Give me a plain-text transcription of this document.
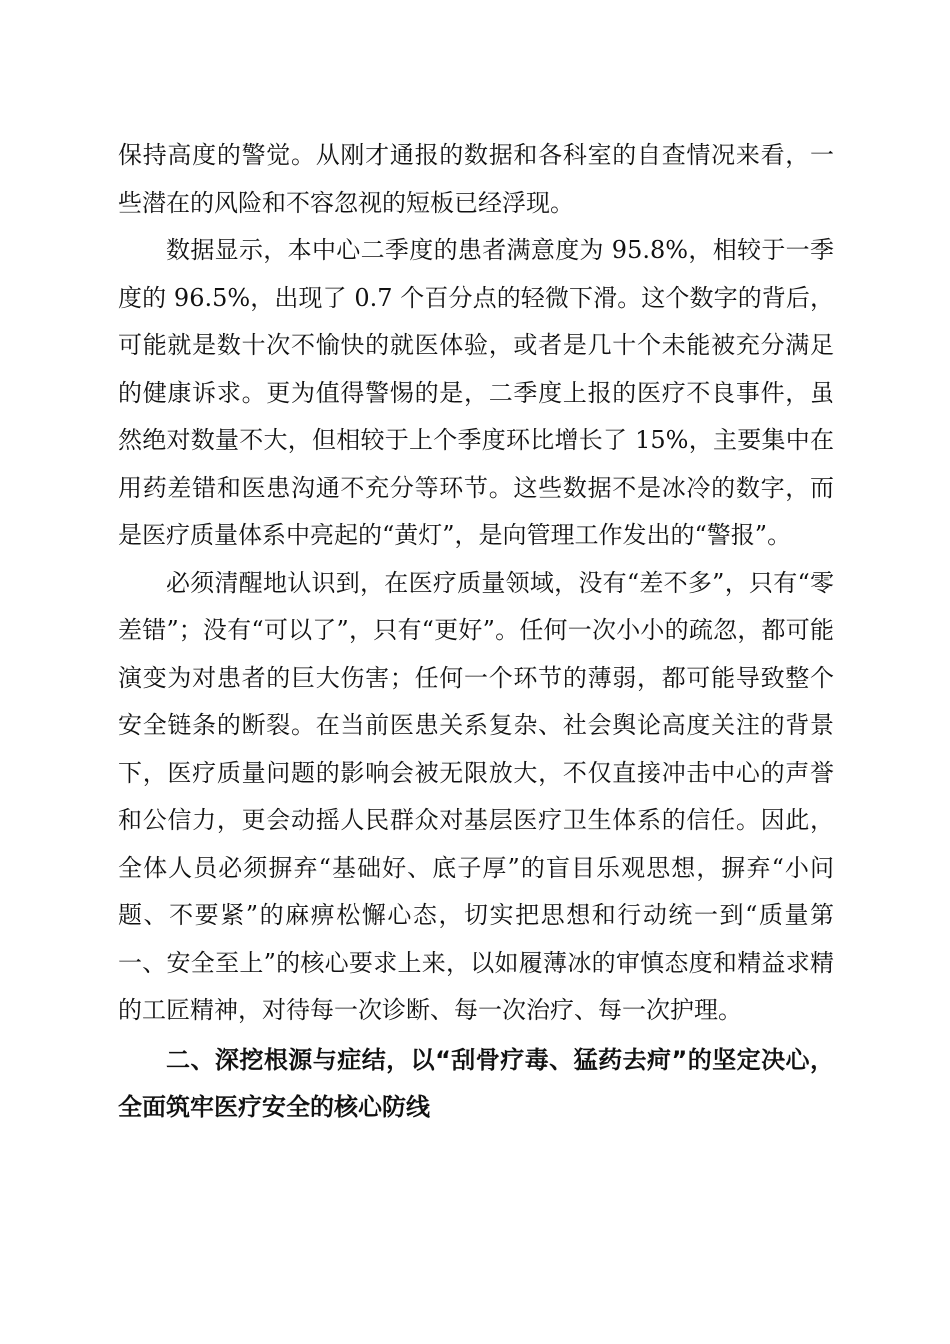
保持高度的警觉。从刚才通报的数据和各科室的自查情况来看，一些潜在的风险和不容忽视的短板已经浮现。

数据显示，本中心二季度的患者满意度为 95.8%，相较于一季度的 96.5%，出现了 0.7 个百分点的轻微下滑。这个数字的背后，可能就是数十次不愉快的就医体验，或者是几十个未能被充分满足的健康诉求。更为值得警惕的是，二季度上报的医疗不良事件，虽然绝对数量不大，但相较于上个季度环比增长了 15%，主要集中在用药差错和医患沟通不充分等环节。这些数据不是冰冷的数字，而是医疗质量体系中亮起的“黄灯”，是向管理工作发出的“警报”。

必须清醒地认识到，在医疗质量领域，没有“差不多”，只有“零差错”；没有“可以了”，只有“更好”。任何一次小小的疏忽，都可能演变为对患者的巨大伤害；任何一个环节的薄弱，都可能导致整个安全链条的断裂。在当前医患关系复杂、社会舆论高度关注的背景下，医疗质量问题的影响会被无限放大，不仅直接冲击中心的声誉和公信力，更会动摇人民群众对基层医疗卫生体系的信任。因此，全体人员必须摒弃“基础好、底子厚”的盲目乐观思想，摒弃“小问题、不要紧”的麻痹松懈心态，切实把思想和行动统一到“质量第一、安全至上”的核心要求上来，以如履薄冰的审慎态度和精益求精的工匠精神，对待每一次诊断、每一次治疗、每一次护理。

二、深挖根源与症结，以“刮骨疗毒、猛药去疴”的坚定决心，全面筑牢医疗安全的核心防线
